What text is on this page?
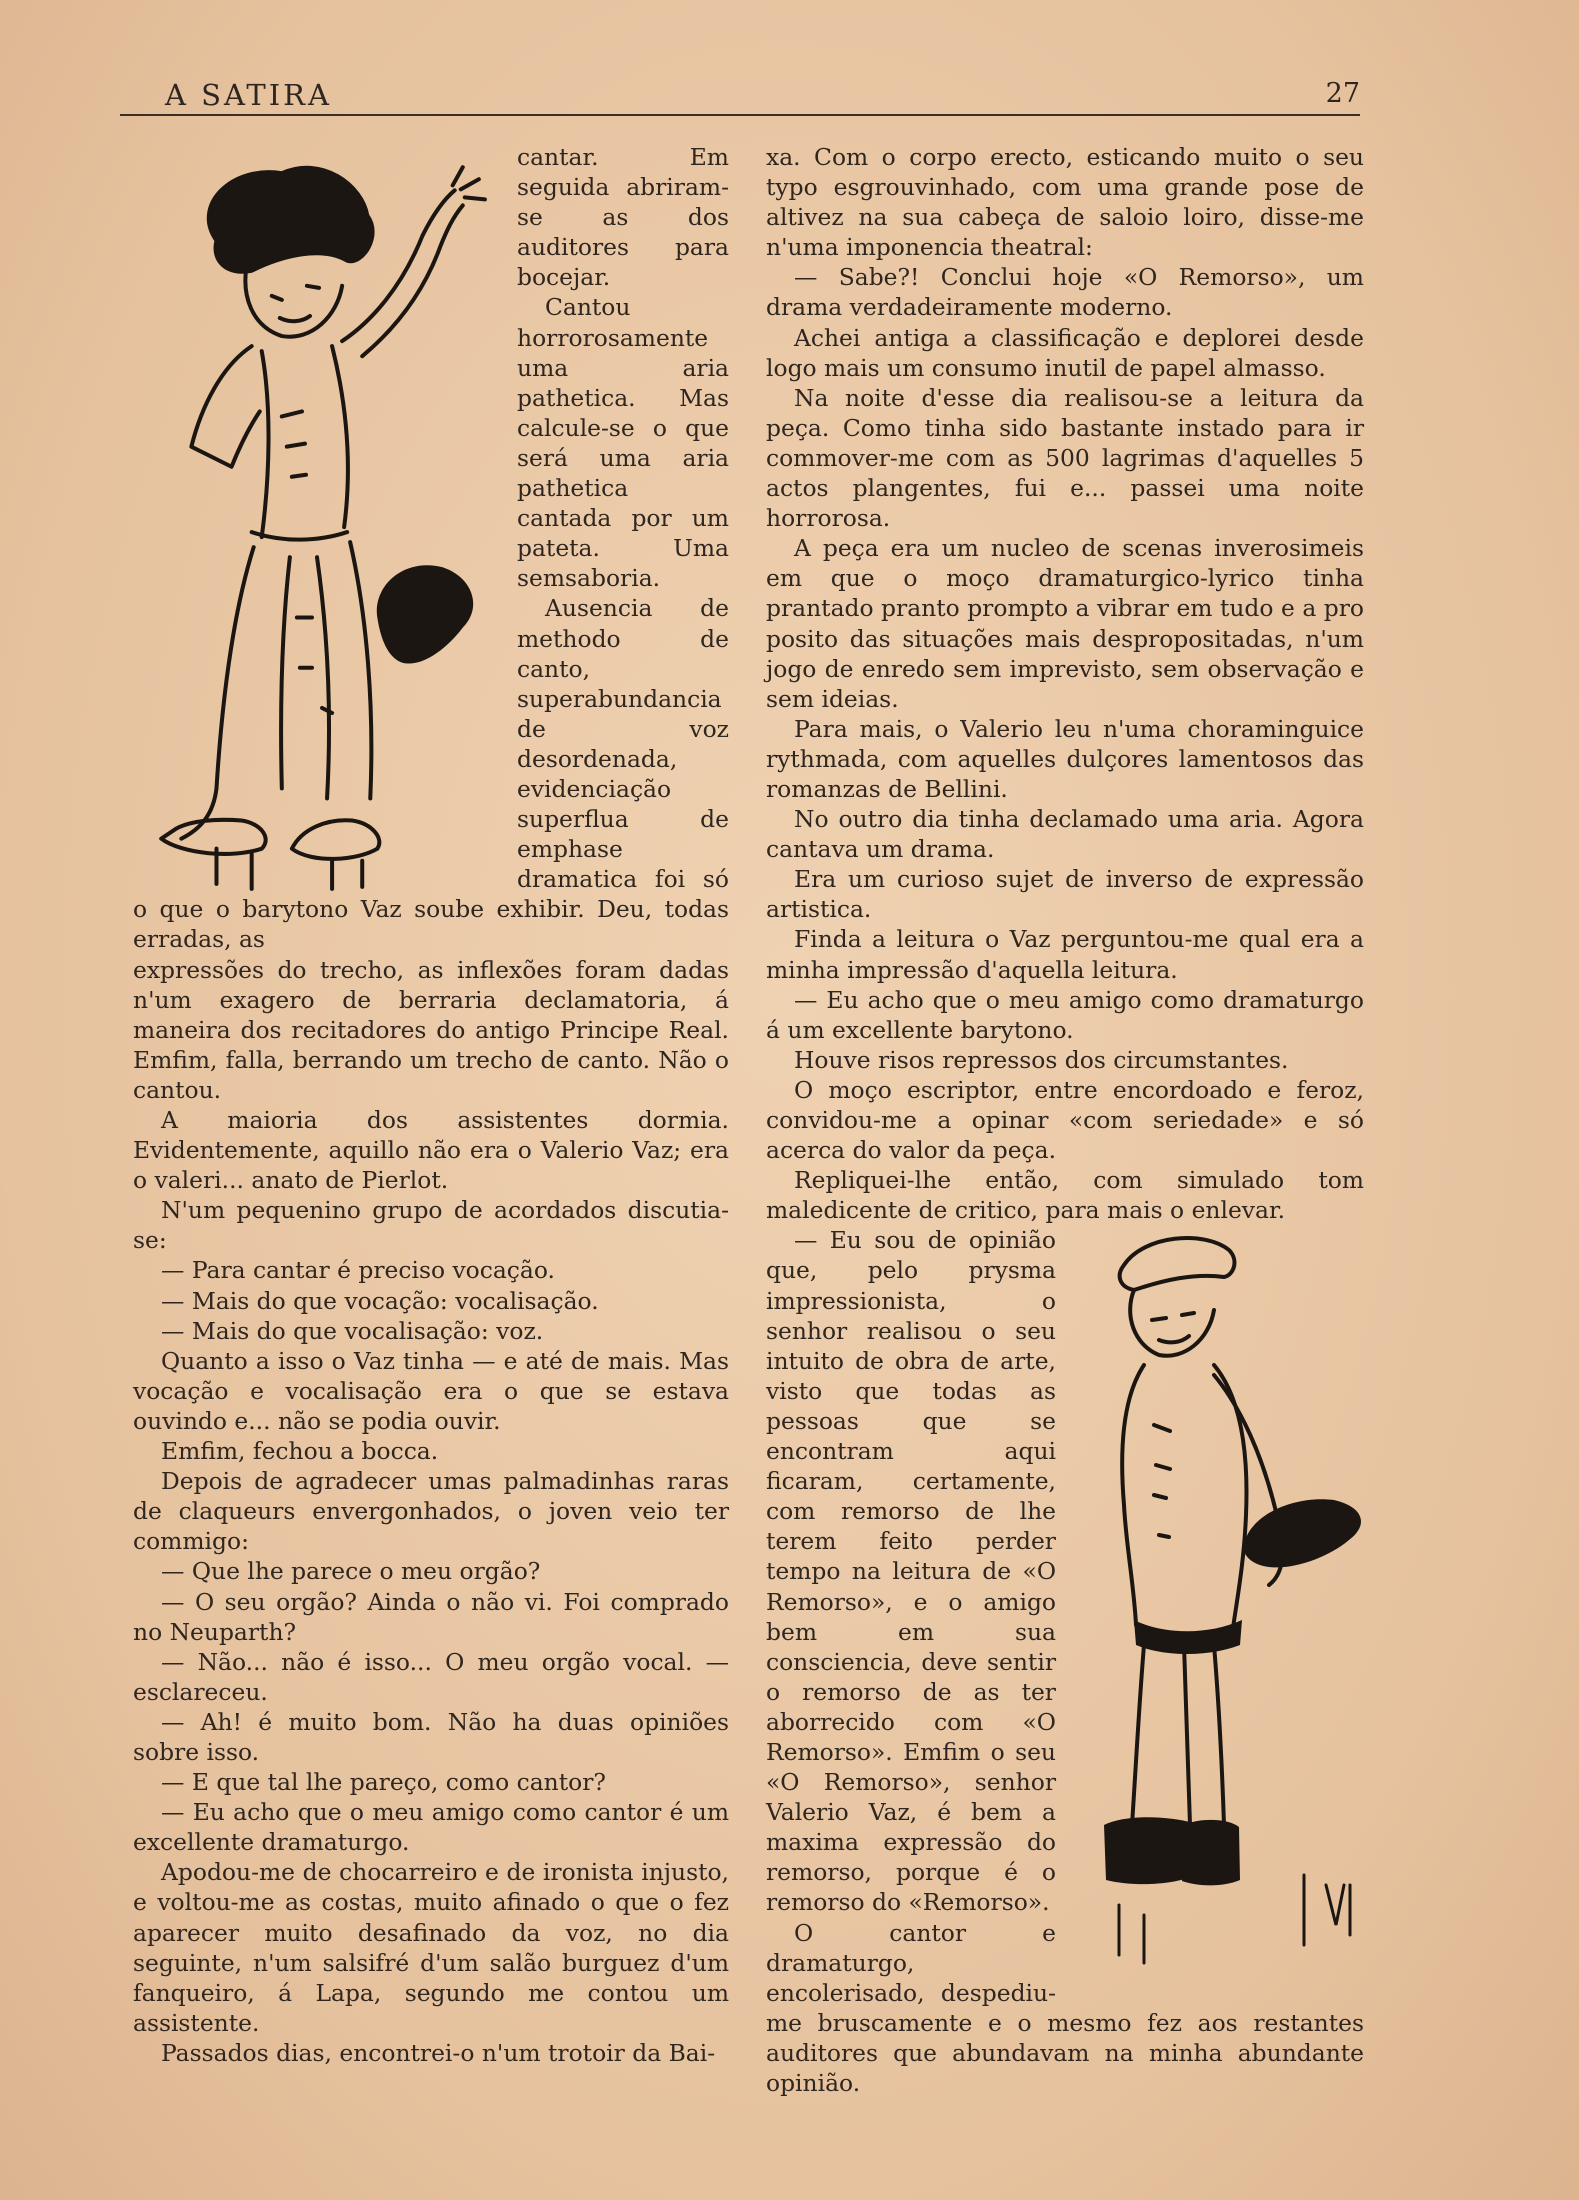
A SATIRA	27

cantar. Em seguida abriram-se as dos auditores para bocejar.

Cantou horrorosamente uma aria pathetica. Mas calcule-se o que será uma aria pathetica cantada por um pateta. Uma semsaboria.

Ausencia de methodo de canto, superabundancia de voz desordenada, evidenciação superflua de emphase dramatica foi só o que o barytono Vaz soube exhibir. Deu, todas erradas, as

expressões do trecho, as inflexões foram dadas n'um exagero de berraria declamatoria, á maneira dos recitadores do antigo Principe Real. Emfim, falla, berrando um trecho de canto. Não o cantou.

A maioria dos assistentes dormia. Evidentemente, aquillo não era o Valerio Vaz; era o valeri... anato de Pierlot.

N'um pequenino grupo de acordados discutia-se:

— Para cantar é preciso vocação.

— Mais do que vocação: vocalisação.

— Mais do que vocalisação: voz.

Quanto a isso o Vaz tinha — e até de mais. Mas vocação e vocalisação era o que se estava ouvindo e... não se podia ouvir.

Emfim, fechou a bocca.

Depois de agradecer umas palmadinhas raras de claqueurs envergonhados, o joven veio ter commigo:

— Que lhe parece o meu orgão?

— O seu orgão? Ainda o não vi. Foi comprado no Neuparth?

— Não... não é isso... O meu orgão vocal. — esclareceu.

— Ah! é muito bom. Não ha duas opiniões sobre isso.

— E que tal lhe pareço, como cantor?

— Eu acho que o meu amigo como cantor é um excellente dramaturgo.

Apodou-me de chocarreiro e de ironista injusto, e voltou-me as costas, muito afinado o que o fez aparecer muito desafinado da voz, no dia seguinte, n'um salsifré d'um salão burguez d'um fanqueiro, á Lapa, segundo me contou um assistente.

Passados dias, encontrei-o n'um trotoir da Bai-

xa. Com o corpo erecto, esticando muito o seu typo esgrouvinhado, com uma grande pose de altivez na sua cabeça de saloio loiro, disse-me n'uma imponencia theatral:

— Sabe?! Conclui hoje «O Remorso», um drama verdadeiramente moderno.

Achei antiga a classificação e deplorei desde logo mais um consumo inutil de papel almasso.

Na noite d'esse dia realisou-se a leitura da peça. Como tinha sido bastante instado para ir commover-me com as 500 lagrimas d'aquelles 5 actos plangentes, fui e... passei uma noite horrorosa.

A peça era um nucleo de scenas inverosimeis em que o moço dramaturgico-lyrico tinha prantado pranto prompto a vibrar em tudo e a pro posito das situações mais despropositadas, n'um jogo de enredo sem imprevisto, sem observação e sem ideias.

Para mais, o Valerio leu n'uma choraminguice rythmada, com aquelles dulçores lamentosos das romanzas de Bellini.

No outro dia tinha declamado uma aria. Agora cantava um drama.

Era um curioso sujet de inverso de expressão artistica.

Finda a leitura o Vaz perguntou-me qual era a minha impressão d'aquella leitura.

— Eu acho que o meu amigo como dramaturgo á um excellente barytono.

Houve risos repressos dos circumstantes.

O moço escriptor, entre encordoado e feroz, convidou-me a opinar «com seriedade» e só acerca do valor da peça.

Repliquei-lhe então, com simulado tom maledicente de critico, para mais o enlevar.

— Eu sou de opinião que, pelo prysma impressionista, o senhor realisou o seu intuito de obra de arte, visto que todas as pessoas que se encontram aqui ficaram, certamente, com remorso de lhe terem feito perder tempo na leitura de «O Remorso», e o amigo bem em sua consciencia, deve sentir o remorso de as ter aborrecido com «O Remorso». Emfim o seu «O Remorso», senhor Valerio Vaz, é bem a maxima expressão do remorso, porque é o remorso do «Remorso».

O cantor e dramaturgo, encolerisado, despediu-me bruscamente e o mesmo fez aos restantes auditores que abundavam na minha abundante opinião.
